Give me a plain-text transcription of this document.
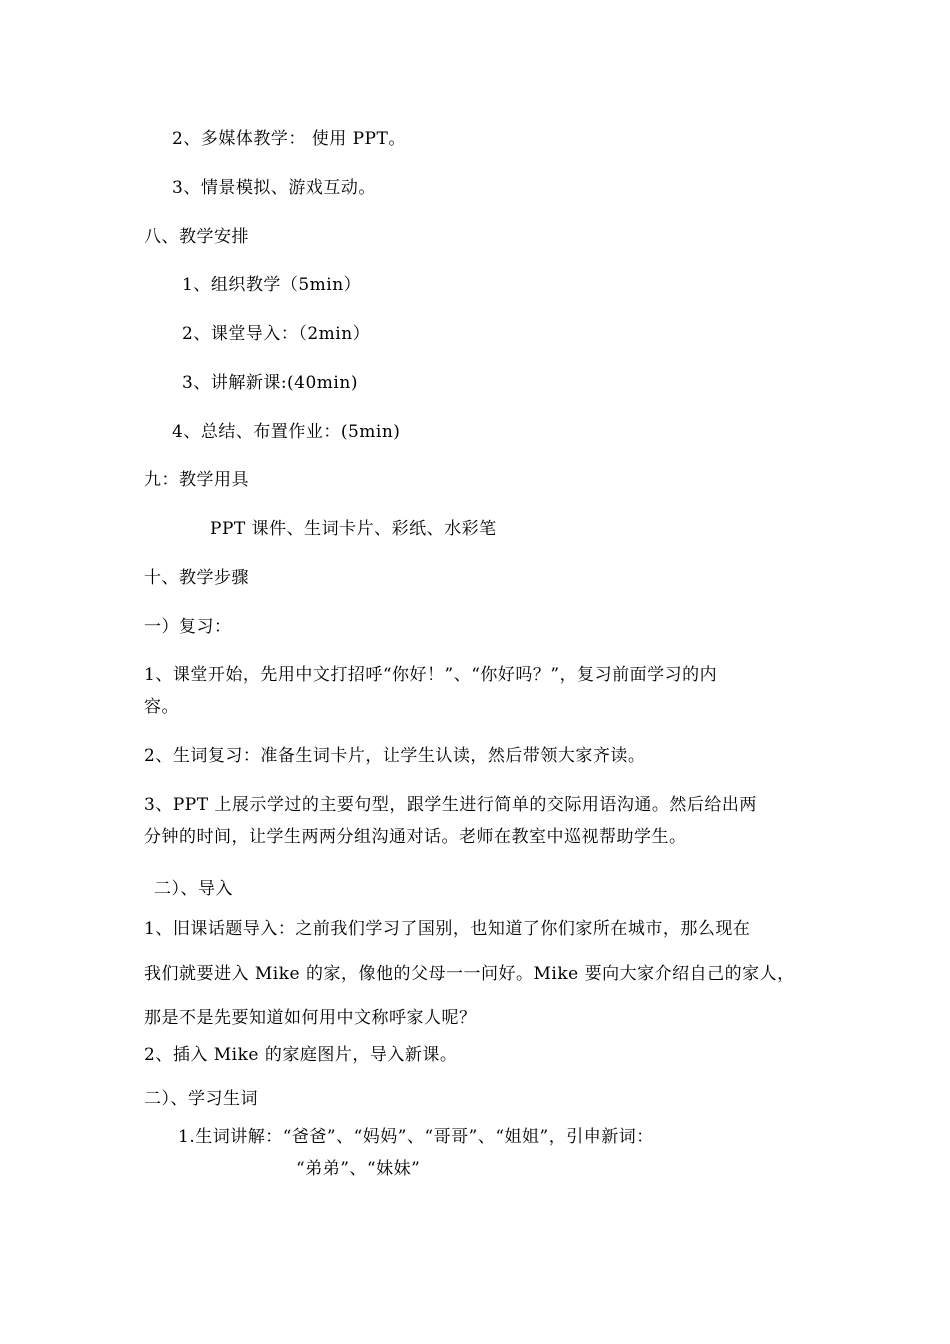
2、多媒体教学： 使用 PPT。
3、情景模拟、游戏互动。
八、教学安排
1、组织教学（5min）
2、课堂导入：（2min）
3、讲解新课:(40min)
4、总结、布置作业：(5min)
九：教学用具
PPT 课件、生词卡片、彩纸、水彩笔
十、教学步骤
一）复习：
1、课堂开始，先用中文打招呼“你好！”、“你好吗？”，复习前面学习的内
容。
2、生词复习：准备生词卡片，让学生认读，然后带领大家齐读。
3、PPT 上展示学过的主要句型，跟学生进行简单的交际用语沟通。然后给出两
分钟的时间，让学生两两分组沟通对话。老师在教室中巡视帮助学生。
二）、导入
1、旧课话题导入：之前我们学习了国别，也知道了你们家所在城市，那么现在
我们就要进入 Mike 的家，像他的父母一一问好。Mike 要向大家介绍自己的家人，
那是不是先要知道如何用中文称呼家人呢？
2、插入 Mike 的家庭图片，导入新课。
二）、学习生词
1.生词讲解：“爸爸”、“妈妈”、“哥哥”、“姐姐”，引申新词：
“弟弟”、“妹妹”
